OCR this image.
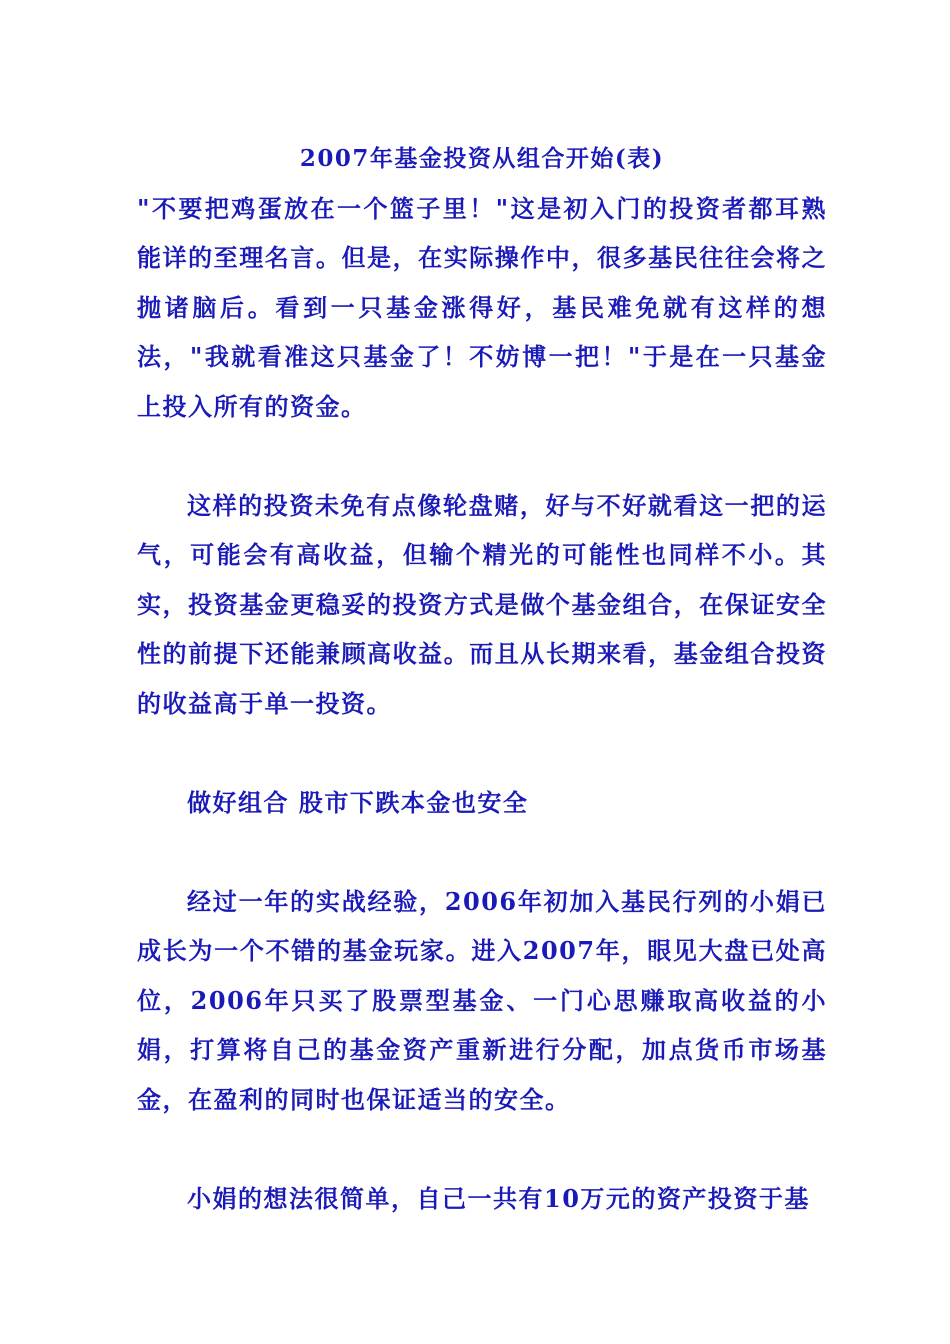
2007年基金投资从组合开始(表)

"不要把鸡蛋放在一个篮子里！"这是初入门的投资者都耳熟能详的至理名言。但是，在实际操作中，很多基民往往会将之抛诸脑后。看到一只基金涨得好，基民难免就有这样的想法，"我就看准这只基金了！不妨博一把！"于是在一只基金上投入所有的资金。

这样的投资未免有点像轮盘赌，好与不好就看这一把的运气，可能会有高收益，但输个精光的可能性也同样不小。其实，投资基金更稳妥的投资方式是做个基金组合，在保证安全性的前提下还能兼顾高收益。而且从长期来看，基金组合投资的收益高于单一投资。

做好组合 股市下跌本金也安全

经过一年的实战经验，2006年初加入基民行列的小娟已成长为一个不错的基金玩家。进入2007年，眼见大盘已处高位，2006年只买了股票型基金、一门心思赚取高收益的小娟，打算将自己的基金资产重新进行分配，加点货币市场基金，在盈利的同时也保证适当的安全。

小娟的想法很简单，自己一共有10万元的资产投资于基
